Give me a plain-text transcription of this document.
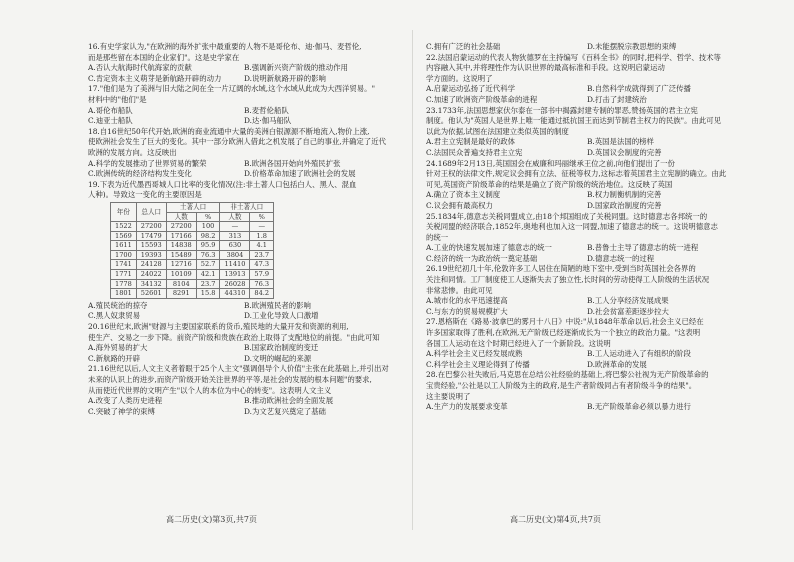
16.有史学家认为,"在欧洲的海外扩张中最重要的人物不是哥伦布、迪·伽马、麦哲伦,

而是那些留在本国的企业家们"。这是史学家在

A.否认大航海时代航海家的贡献	B.强调新兴资产阶级的推动作用
C.肯定资本主义萌芽是新航路开辟的动力	D.说明新航路开辟的影响

17."他们是为了美洲与旧大陆之间在全一片辽阔的水域,这个水域从此成为大西洋贸易。"

材料中的"他们"是

A.哥伦布船队	B.麦哲伦船队
C.迪亚士船队	D.达·伽马船队

18.自16世纪50年代开始,欧洲的商业流通中大量的美洲白银源源不断地流入,物价上涨,

使欧洲社会发生了巨大的变化。其中一部分欧洲人借此之机发展了自己的事业,并确定了近代

欧洲的发展方向。这反映出

A.科学的发展推动了世界贸易的繁荣	B.欧洲各国开始向外殖民扩张
C.欧洲传统的经济结构发生变化	D.价格革命加速了欧洲社会的发展

19.下表为近代墨西哥城人口比率的变化情况(注:非土著人口包括白人、黑人、混血

人种)。导致这一变化的主要原因是

年份	总人口	土著人口		非土著人口	
		人数	%	人数	%
1522	27200	27200	100	—	—
1569	17479	17166	98.2	313	1.8
1611	15593	14838	95.9	630	4.1
1700	19393	15489	76.3	3804	23.7
1741	24128	12716	52.7	11410	47.3
1771	24022	10109	42.1	13913	57.9
1778	34132	8104	23.7	26028	76.3
1801	52601	8291	15.8	44310	84.2
A.殖民统治的掠夺	B.欧洲殖民者的影响
C.黑人奴隶贸易	D.工业化导致人口激增

20.16世纪末,欧洲"财源与主要国家联系的货币,殖民地的大量开发和资源的利用,

使生产、交易之一步下降。前资产阶级和贵族在政治上取得了支配地位的前提。"由此可知

A.海外贸易的扩大	B.国家政治制度的变迁
C.新航路的开辟	D.文明的崛起的来源

21.16世纪以后,人文主义者着眼于25个人主文"强调倡导个人价值"主张在此基础上,并引出对

未来的认识上的进步,而资产阶级开始关注世界的平等,是社会的发展的根本问题"的要求,

从而使近代世界的文明产生"以个人的本位为中心的转变"。这表明人文主义

A.改变了人类历史进程	B.推动欧洲社会的全面发展
C.突破了神学的束缚	D.为文艺复兴奠定了基础
C.拥有广泛的社会基础	D.未能摆脱宗教思想的束缚

22.法国启蒙运动的代表人物狄德罗在主持编写《百科全书》的同时,把科学、哲学、技术等

内容融入其中,并将理性作为认识世界的最高标准和手段。这说明启蒙运动

学方面的。这说明了

A.启蒙运动弘扬了近代科学	B.自然科学成就得到了广泛传播
C.加速了欧洲资产阶级革命的进程	D.打击了封建统治

23.1733年,法国思想家伏尔泰在一部书中揭露封建专制的罪恶,赞扬英国的君主立宪

制度。他认为"英国人是世界上唯一能通过抵抗国王而达到节制君主权力的民族"。由此可见

以此为依据,试图在法国建立类似英国的制度

A.君主立宪制是最好的政体	B.英国是法国的榜样
C.法国民众普遍支持君主立宪	D.英国议会制度的完善

24.1689年2月13日,英国国会在威廉和玛丽继承王位之前,向他们提出了一份

针对王权的法律文件,规定议会拥有立法、征税等权力,这标志着英国君主立宪制的确立。由此

可见,英国资产阶级革命的结果是确立了资产阶级的统治地位。这反映了英国

A.确立了资本主义制度	B.权力制衡机制的完善
C.议会拥有最高权力	D.国家政治制度的完善

25.1834年,德意志关税同盟成立,由18个邦国组成了关税同盟。这时德意志各邦统一的

关税同盟的经济联合,1852年,奥地利也加入这一同盟,加速了德意志的统一。这说明德意志

的统一

A.工业的快速发展加速了德意志的统一	B.普鲁士主导了德意志的统一进程
C.经济的统一为政治统一奠定基础	D.德意志统一的过程

26.19世纪初几十年,伦敦许多工人居住在简陋的地下室中,受到当时英国社会各界的

关注和同情。工厂制度使工人逐渐失去了独立性,长时间的劳动使得工人阶级的生活状况

非常悲惨。由此可见

A.城市化的水平迅速提高	B.工人分享经济发展成果
C.与东方的贸易规模扩大	D.社会贫富差距逐步拉大

27.恩格斯在《路易·波拿巴的雾月十八日》中说:"从1848年革命以后,社会主义已经在

许多国家取得了胜利,在欧洲,无产阶级已经逐渐成长为一个独立的政治力量。"这表明

各国工人运动在这个时期已经进入了一个新阶段。这说明

A.科学社会主义已经发展成熟	B.工人运动进入了有组织的阶段
C.科学社会主义理论得到了传播	D.欧洲革命的发展

28.在巴黎公社失败后,马克思在总结公社经验的基础上,将巴黎公社视为无产阶级革命的

宝贵经验,"公社是以工人阶级为主的政府,是生产者阶级同占有者阶级斗争的结果"。

这主要说明了

A.生产力的发展要求变革	B.无产阶级革命必须以暴力进行
高二历史(文)第3页,共7页	高二历史(文)第4页,共7页
